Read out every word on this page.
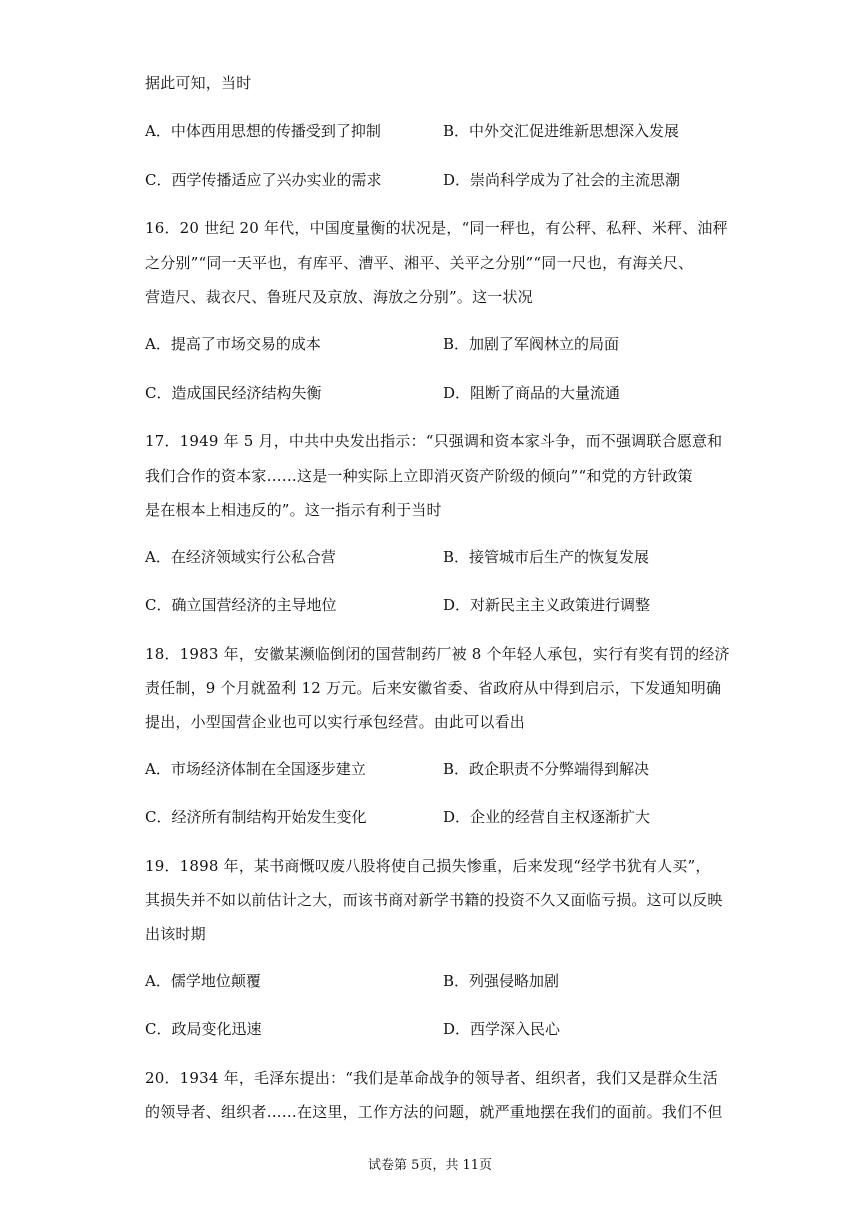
据此可知，当时
A．中体西用思想的传播受到了抑制	B．中外交汇促进维新思想深入发展
C．西学传播适应了兴办实业的需求	D．崇尚科学成为了社会的主流思潮
16．20 世纪 20 年代，中国度量衡的状况是，“同一秤也，有公秤、私秤、米秤、油秤
之分别”“同一天平也，有库平、漕平、湘平、关平之分别”“同一尺也，有海关尺、
营造尺、裁衣尺、鲁班尺及京放、海放之分别”。这一状况
A．提高了市场交易的成本	B．加剧了军阀林立的局面
C．造成国民经济结构失衡	D．阻断了商品的大量流通
17．1949 年 5 月，中共中央发出指示：“只强调和资本家斗争，而不强调联合愿意和
我们合作的资本家……这是一种实际上立即消灭资产阶级的倾向”“和党的方针政策
是在根本上相违反的”。这一指示有利于当时
A．在经济领域实行公私合营	B．接管城市后生产的恢复发展
C．确立国营经济的主导地位	D．对新民主主义政策进行调整
18．1983 年，安徽某濒临倒闭的国营制药厂被 8 个年轻人承包，实行有奖有罚的经济
责任制，9 个月就盈利 12 万元。后来安徽省委、省政府从中得到启示，下发通知明确
提出，小型国营企业也可以实行承包经营。由此可以看出
A．市场经济体制在全国逐步建立	B．政企职责不分弊端得到解决
C．经济所有制结构开始发生变化	D．企业的经营自主权逐渐扩大
19．1898 年，某书商慨叹废八股将使自己损失惨重，后来发现“经学书犹有人买”，
其损失并不如以前估计之大，而该书商对新学书籍的投资不久又面临亏损。这可以反映
出该时期
A．儒学地位颠覆	B．列强侵略加剧
C．政局变化迅速	D．西学深入民心
20．1934 年，毛泽东提出：“我们是革命战争的领导者、组织者，我们又是群众生活
的领导者、组织者……在这里，工作方法的问题，就严重地摆在我们的面前。我们不但
试卷第 5页，共 11页
